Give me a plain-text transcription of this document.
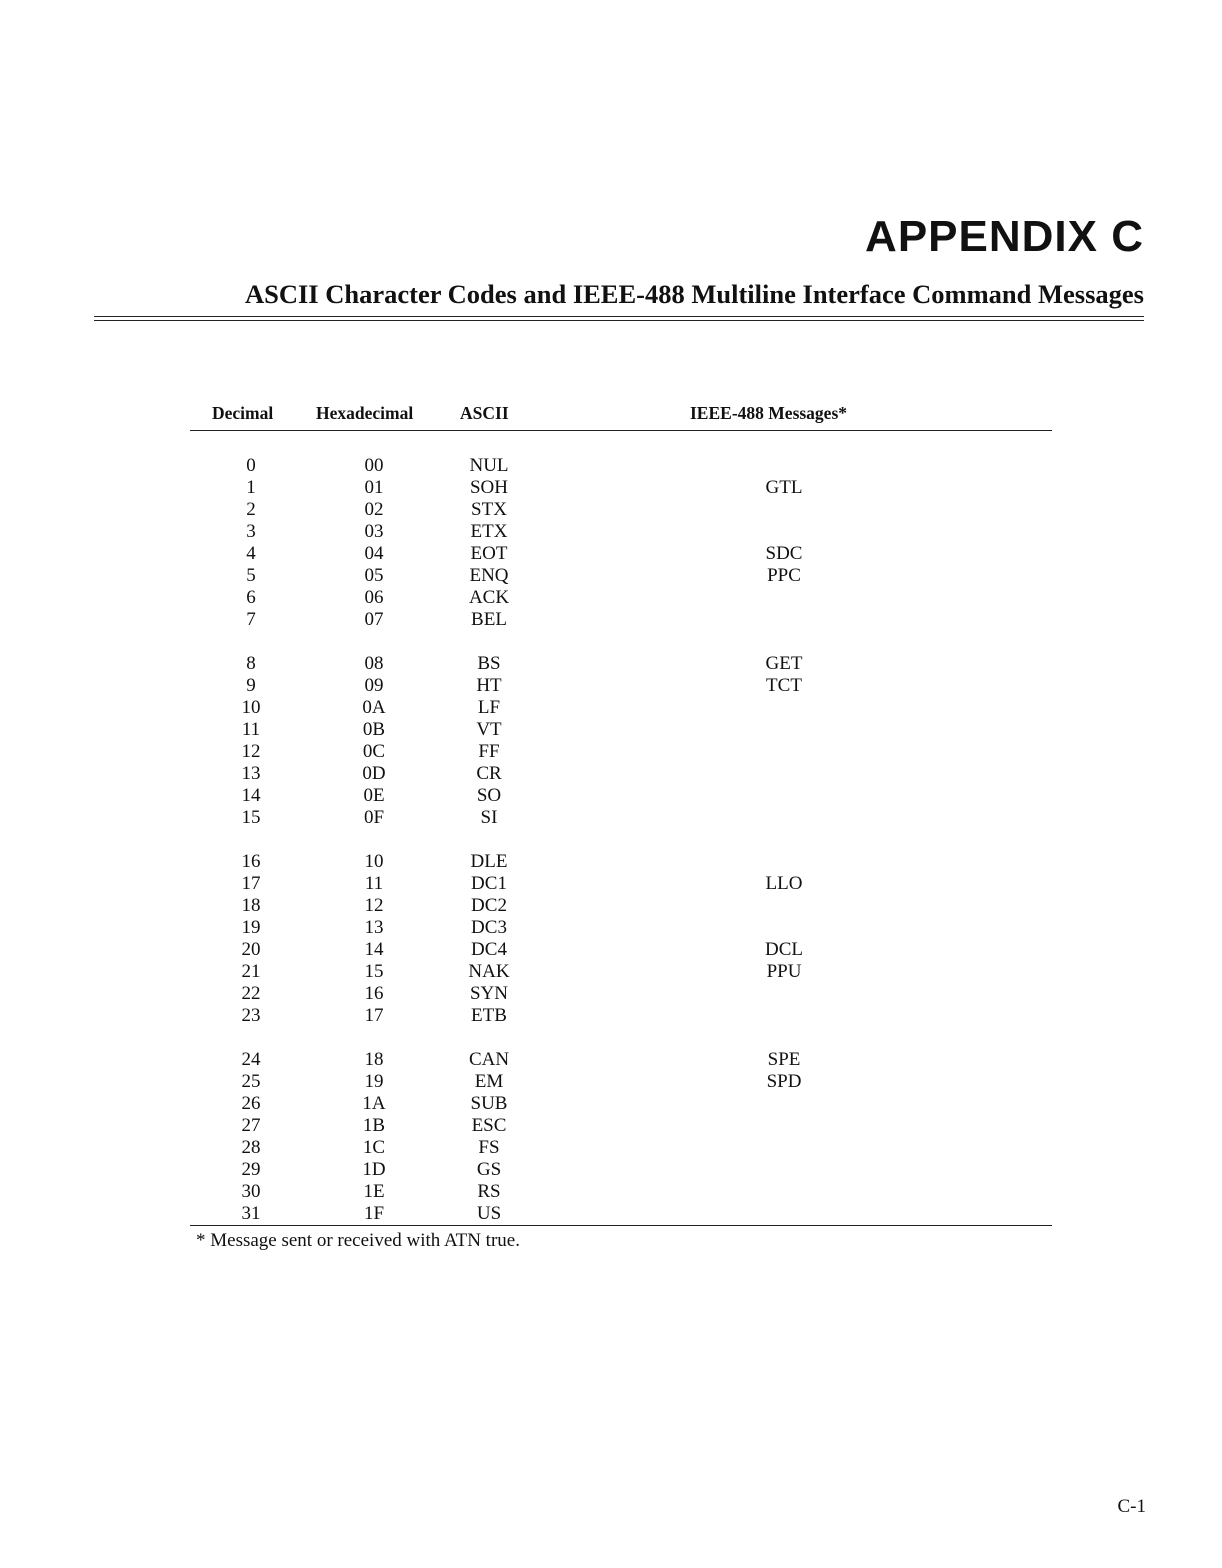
APPENDIX C
ASCII Character Codes and IEEE-488 Multiline Interface Command Messages
Decimal Hexadecimal	ASCII	IEEE-488 Messages*
0	00	NUL
1	01	SOH	GTL
2	02	STX
3	03	ETX
4	04	EOT	SDC
5	05	ENQ	PPC
6	06	ACK
7	07	BEL
8	08	BS	GET
9	09	HT	TCT
10	0A	LF
11	0B	VT
12	0C	FF
13	0D	CR
14	0E	SO
15	0F	SI
16	10	DLE
17	11	DC1	LLO
18	12	DC2
19	13	DC3
20	14	DC4	DCL
21	15	NAK	PPU
22	16	SYN
23	17	ETB
24	18	CAN	SPE
25	19	EM	SPD
26	1A	SUB
27	1B	ESC
28	1C	FS
29	1D	GS
30	1E	RS
31	1F	US

* Message sent or received with ATN true.

C-1
